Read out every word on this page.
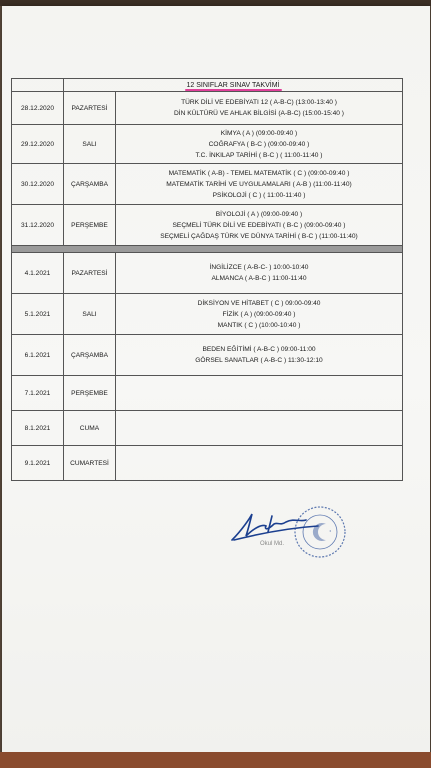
	12 SINIFLAR SINAV TAKVİMİ	
28.12.2020	PAZARTESİ	TÜRK DİLİ VE EDEBİYATI 12 ( A-B-C) (13:00-13:40 )
DİN KÜLTÜRÜ VE AHLAK BİLGİSİ (A-B-C) (15:00-15:40 )

29.12.2020	SALI	KİMYA ( A ) (09:00-09:40 )
COĞRAFYA ( B-C ) (09:00-09:40 )
T.C. İNKILAP TARİHİ ( B-C ) ( 11:00-11:40 )

30.12.2020	ÇARŞAMBA	MATEMATİK ( A-B) - TEMEL MATEMATİK ( C ) (09:00-09:40 )
MATEMATİK TARİHİ VE UYGULAMALARI ( A-B ) (11:00-11:40)
PSİKOLOJİ ( C ) ( 11:00-11:40 )

31.12.2020	PERŞEMBE	BİYOLOJİ ( A ) (09:00-09:40 )
SEÇMELİ TÜRK DİLİ VE EDEBİYATI ( B-C ) (09:00-09:40 )
SEÇMELİ ÇAĞDAŞ TÜRK VE DÜNYA TARİHİ ( B-C ) (11:00-11:40)

4.1.2021	PAZARTESİ	İNGİLİZCE ( A-B-C- ) 10:00-10:40
ALMANCA ( A-B-C ) 11:00-11:40

5.1.2021	SALI	DİKSİYON VE HİTABET ( C ) 09:00-09:40
FİZİK ( A ) (09:00-09:40 )
MANTIK ( C ) (10:00-10:40 )

6.1.2021	ÇARŞAMBA	BEDEN EĞİTİMİ ( A-B-C ) 09:00-11:00
GÖRSEL SANATLAR ( A-B-C ) 11:30-12:10

7.1.2021	PERŞEMBE	
8.1.2021	CUMA	
9.1.2021	CUMARTESİ	
Okul Md.
